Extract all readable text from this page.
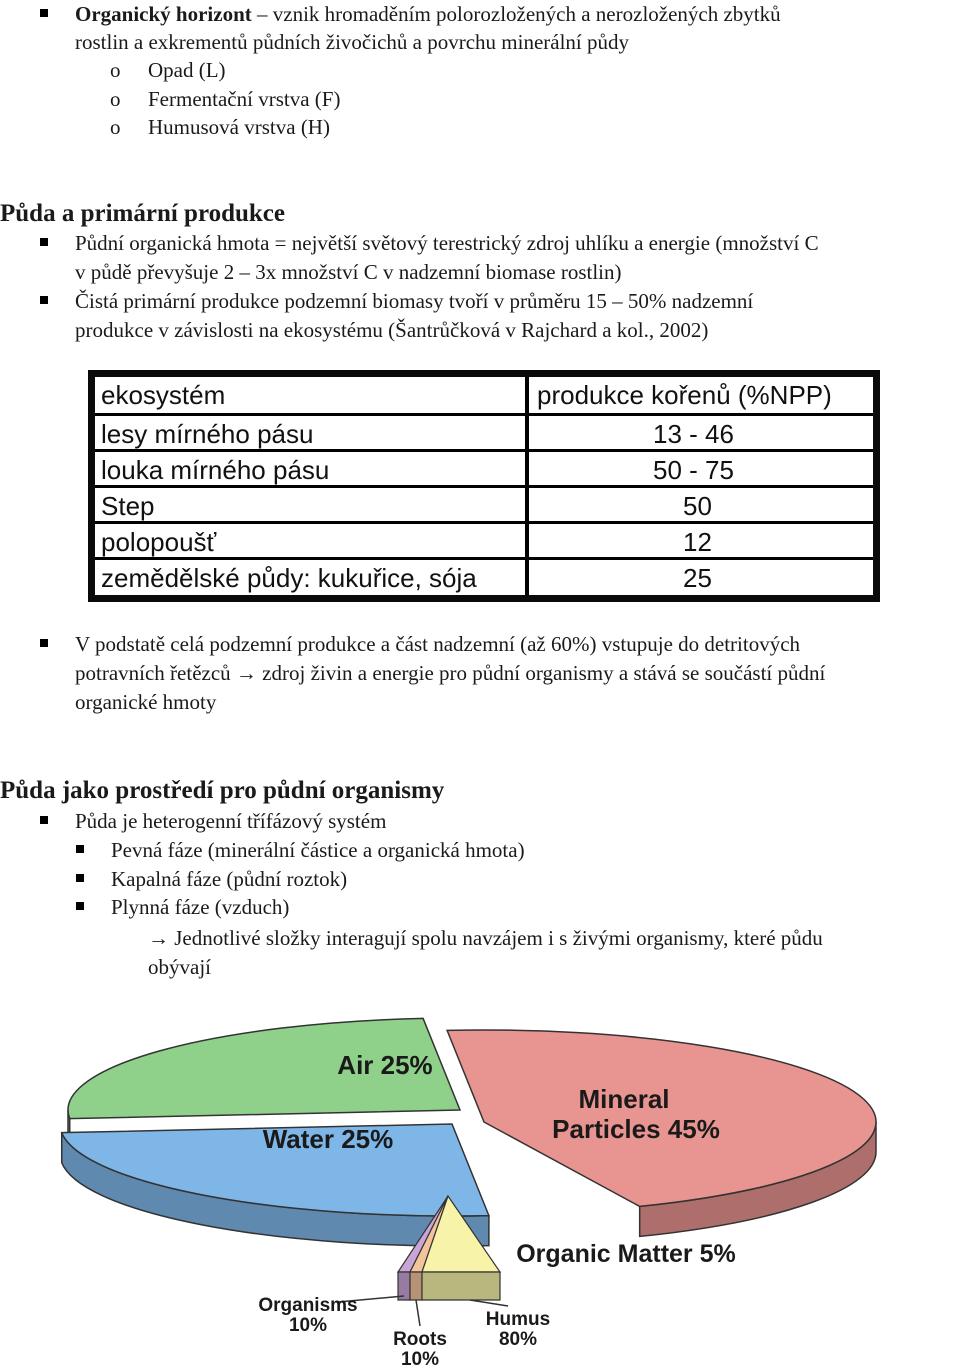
Organický horizont – vznik hromaděním polorozložených a nerozložených zbytků
rostlin a exkrementů půdních živočichů a povrchu minerální půdy
o Opad (L)
o Fermentační vrstva (F)
o Humusová vrstva (H)
Půda a primární produkce
Půdní organická hmota = největší světový terestrický zdroj uhlíku a energie (množství C
v půdě převyšuje 2 – 3x množství C v nadzemní biomase rostlin)
Čistá primární produkce podzemní biomasy tvoří v průměru 15 – 50% nadzemní
produkce v závislosti na ekosystému (Šantrůčková v Rajchard a kol., 2002)
ekosystém	produkce kořenů (%NPP)
lesy mírného pásu	13 - 46
louka mírného pásu	50 - 75
Step	50
polopoušť	12
zemědělské půdy: kukuřice, sója	25
V podstatě celá podzemní produkce a část nadzemní (až 60%) vstupuje do detritových
potravních řetězců → zdroj živin a energie pro půdní organismy a stává se součástí půdní
organické hmoty
Půda jako prostředí pro půdní organismy
Půda je heterogenní třífázový systém
Pevná fáze (minerální částice a organická hmota)
Kapalná fáze (půdní roztok)
Plynná fáze (vzduch)
→ Jednotlivé složky interagují spolu navzájem i s živými organismy, které půdu
obývají
Air 25%
Water 25%
Mineral
Particles 45%
Organic Matter 5%
Organisms
10%
Roots
10%
Humus
80%
